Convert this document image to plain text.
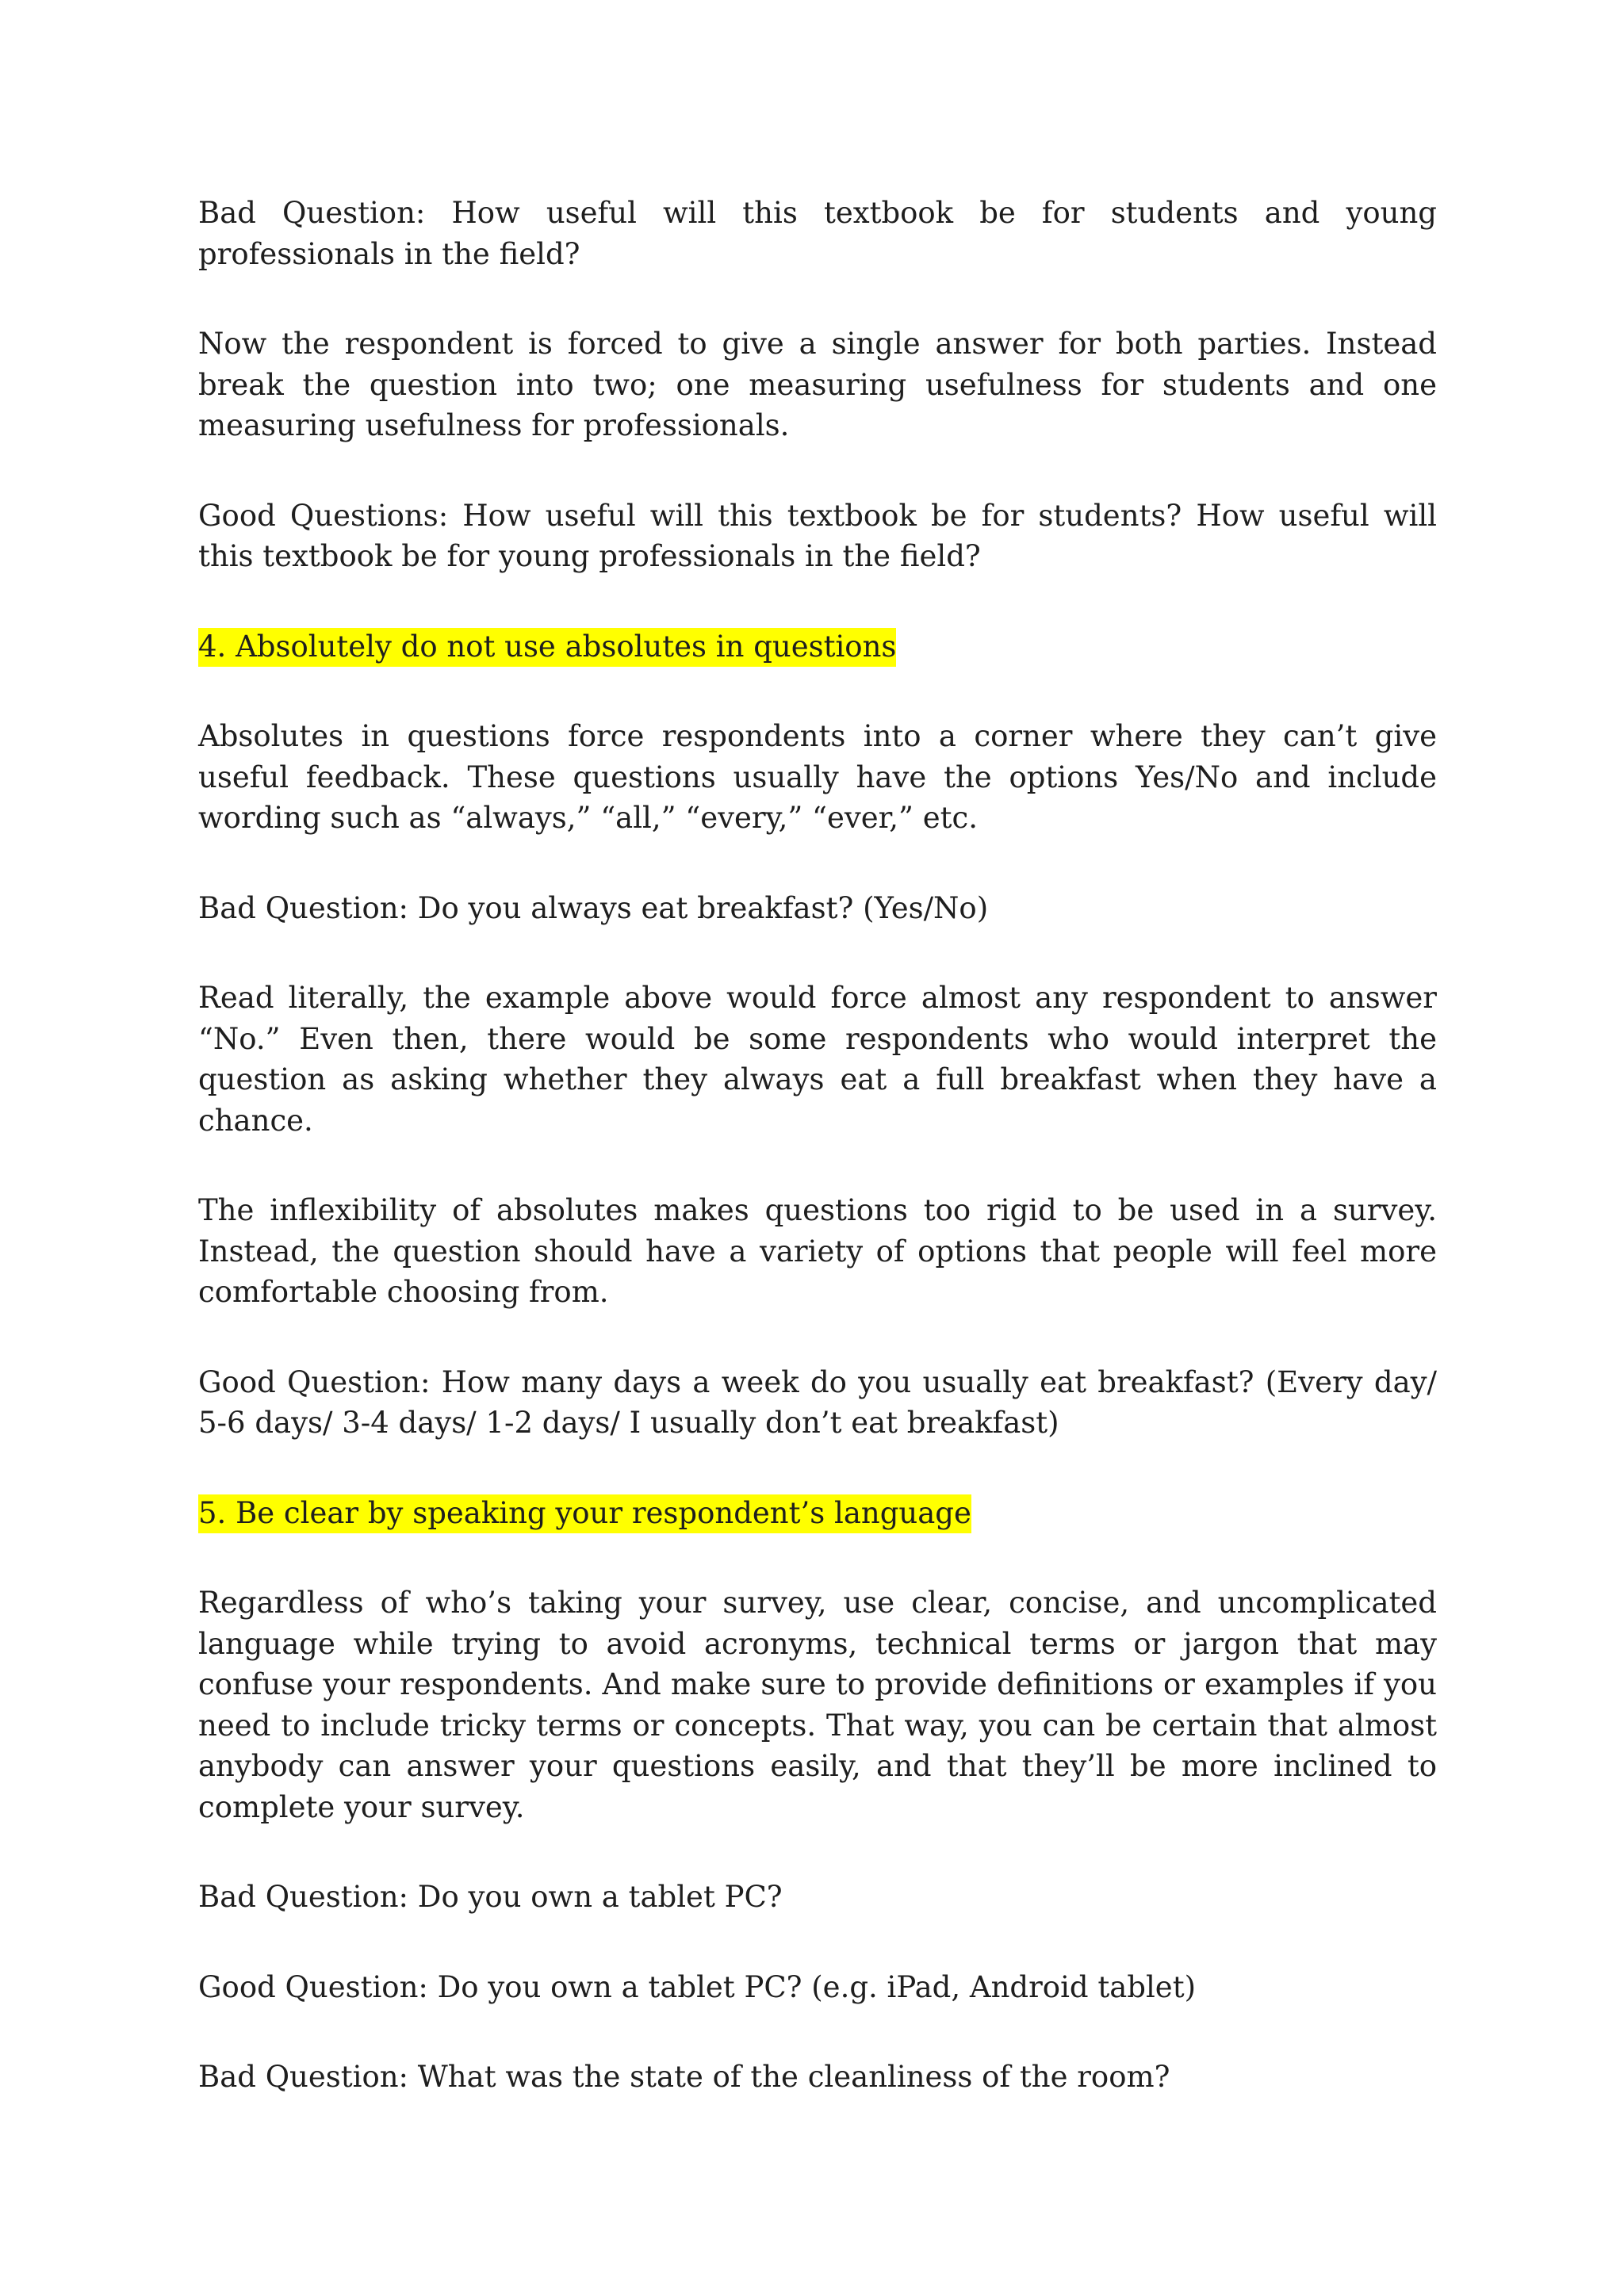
Bad Question: How useful will this textbook be for students and young professionals in the field?

Now the respondent is forced to give a single answer for both parties. Instead break the question into two; one measuring usefulness for students and one measuring usefulness for professionals.

Good Questions: How useful will this textbook be for students? How useful will this textbook be for young professionals in the field?

4. Absolutely do not use absolutes in questions

Absolutes in questions force respondents into a corner where they can’t give useful feedback. These questions usually have the options Yes/No and include wording such as “always,” “all,” “every,” “ever,” etc.

Bad Question: Do you always eat breakfast? (Yes/No)

Read literally, the example above would force almost any respondent to answer “No.” Even then, there would be some respondents who would interpret the question as asking whether they always eat a full breakfast when they have a chance.

The inflexibility of absolutes makes questions too rigid to be used in a survey. Instead, the question should have a variety of options that people will feel more comfortable choosing from.

Good Question: How many days a week do you usually eat breakfast? (Every day/ 5-6 days/ 3-4 days/ 1-2 days/ I usually don’t eat breakfast)

5. Be clear by speaking your respondent’s language

Regardless of who’s taking your survey, use clear, concise, and uncomplicated language while trying to avoid acronyms, technical terms or jargon that may confuse your respondents. And make sure to provide definitions or examples if you need to include tricky terms or concepts. That way, you can be certain that almost anybody can answer your questions easily, and that they’ll be more inclined to complete your survey.

Bad Question: Do you own a tablet PC?

Good Question: Do you own a tablet PC? (e.g. iPad, Android tablet)

Bad Question: What was the state of the cleanliness of the room?
